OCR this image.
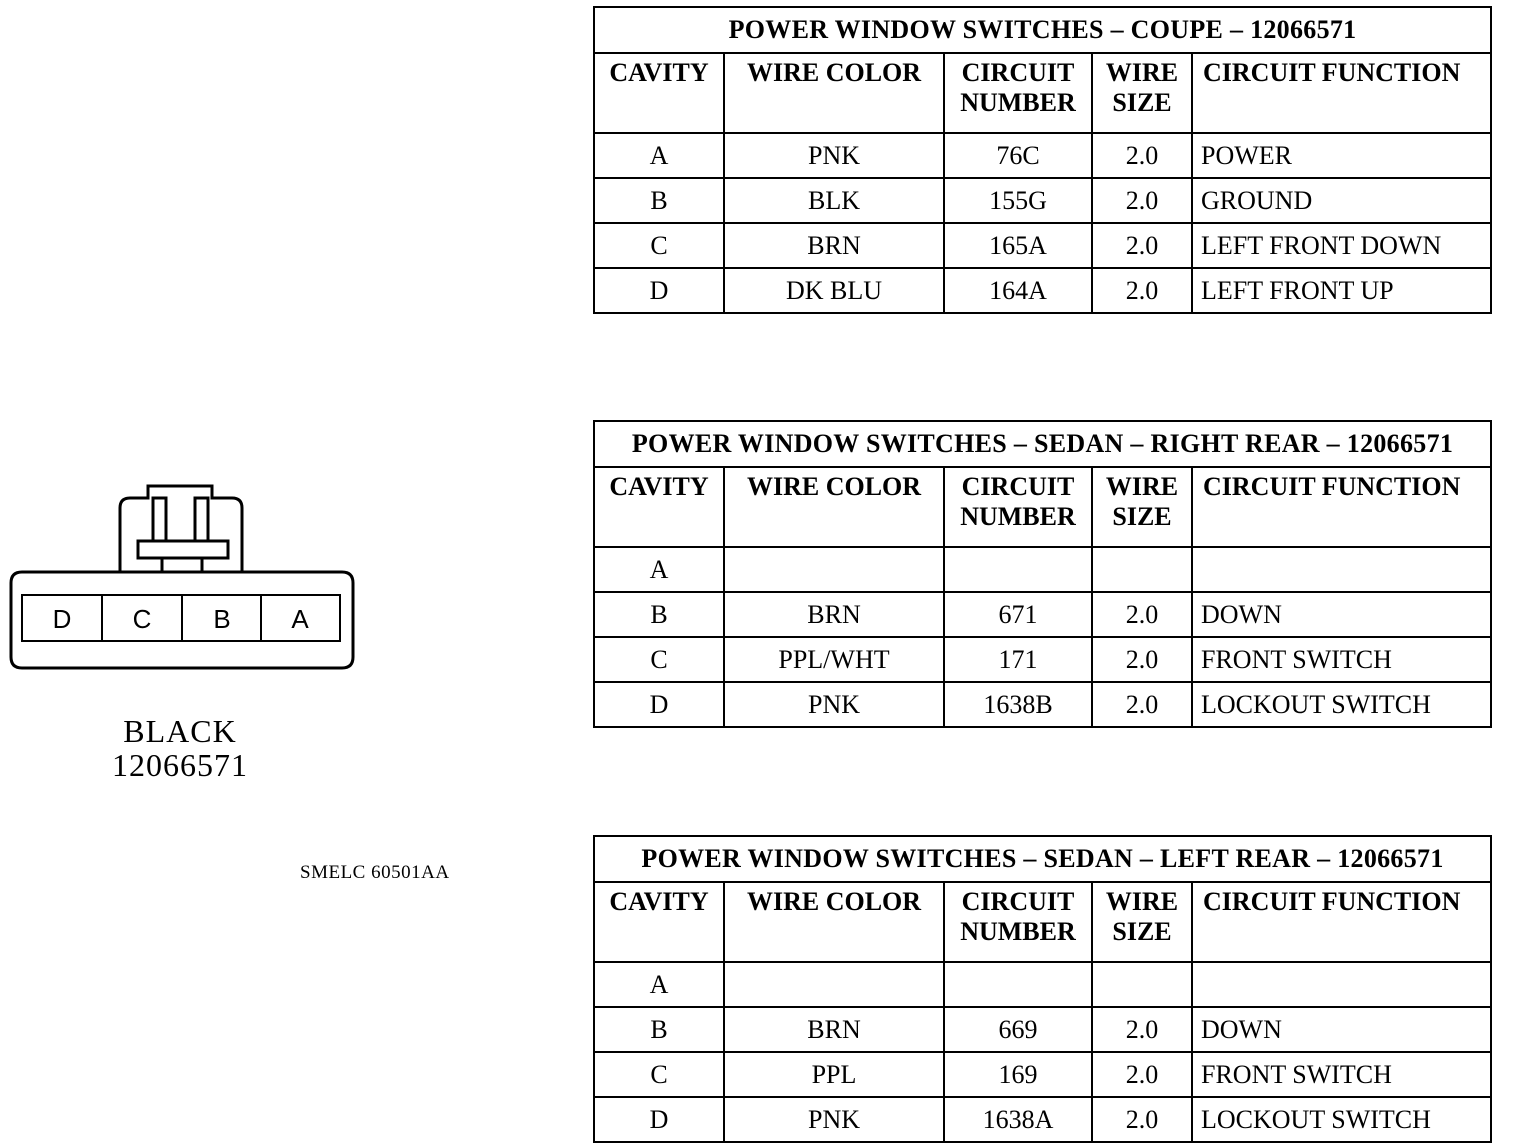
D C B A
BLACK
12066571
SMELC 60501AA
POWER WINDOW SWITCHES – COUPE – 12066571				
CAVITY	WIRE COLOR	CIRCUIT NUMBER	WIRE SIZE	CIRCUIT FUNCTION
A	PNK	76C	2.0	POWER
B	BLK	155G	2.0	GROUND
C	BRN	165A	2.0	LEFT FRONT DOWN
D	DK BLU	164A	2.0	LEFT FRONT UP
POWER WINDOW SWITCHES – SEDAN – RIGHT REAR – 12066571				
CAVITY	WIRE COLOR	CIRCUIT NUMBER	WIRE SIZE	CIRCUIT FUNCTION
A				
B	BRN	671	2.0	DOWN
C	PPL/WHT	171	2.0	FRONT SWITCH
D	PNK	1638B	2.0	LOCKOUT SWITCH
POWER WINDOW SWITCHES – SEDAN – LEFT REAR – 12066571				
CAVITY	WIRE COLOR	CIRCUIT NUMBER	WIRE SIZE	CIRCUIT FUNCTION
A				
B	BRN	669	2.0	DOWN
C	PPL	169	2.0	FRONT SWITCH
D	PNK	1638A	2.0	LOCKOUT SWITCH
